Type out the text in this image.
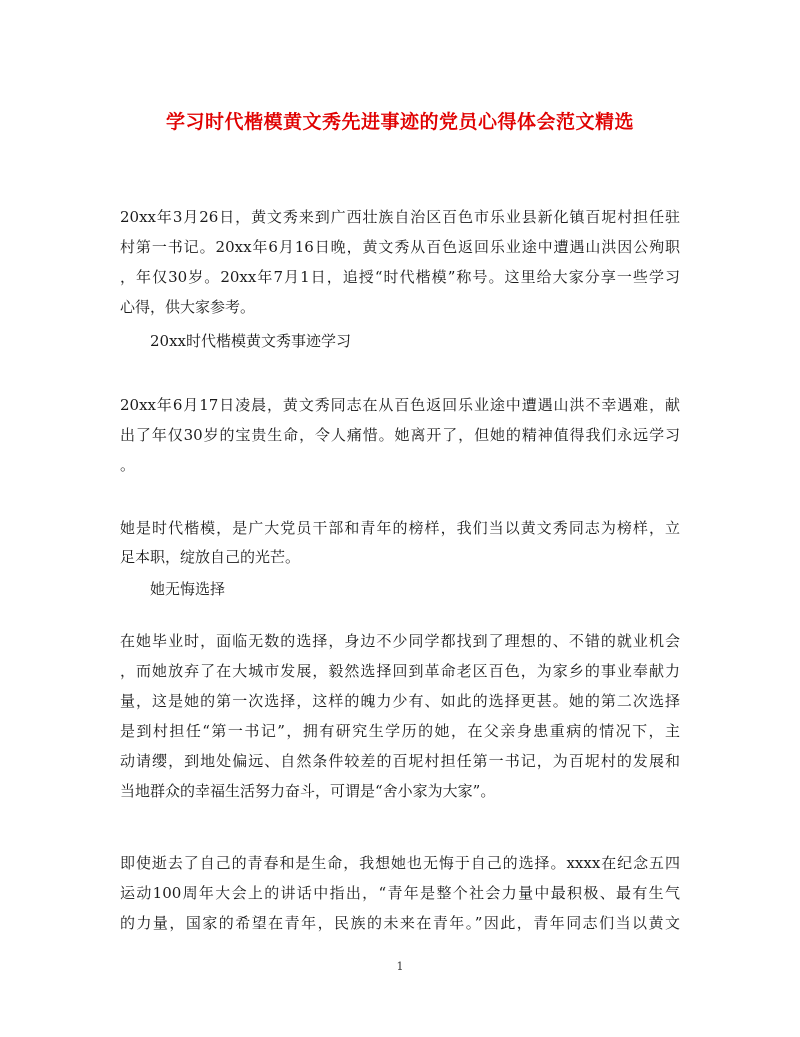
学习时代楷模黄文秀先进事迹的党员心得体会范文精选
20xx年3月26日，黄文秀来到广西壮族自治区百色市乐业县新化镇百坭村担任驻
村第一书记。20xx年6月16日晚，黄文秀从百色返回乐业途中遭遇山洪因公殉职
，年仅30岁。20xx年7月1日，追授“时代楷模”称号。这里给大家分享一些学习
心得，供大家参考。
20xx时代楷模黄文秀事迹学习
20xx年6月17日凌晨，黄文秀同志在从百色返回乐业途中遭遇山洪不幸遇难，献
出了年仅30岁的宝贵生命，令人痛惜。她离开了，但她的精神值得我们永远学习
。
她是时代楷模，是广大党员干部和青年的榜样，我们当以黄文秀同志为榜样，立
足本职，绽放自己的光芒。
她无悔选择
在她毕业时，面临无数的选择，身边不少同学都找到了理想的、不错的就业机会
，而她放弃了在大城市发展，毅然选择回到革命老区百色，为家乡的事业奉献力
量，这是她的第一次选择，这样的魄力少有、如此的选择更甚。她的第二次选择
是到村担任“第一书记”，拥有研究生学历的她，在父亲身患重病的情况下，主
动请缨，到地处偏远、自然条件较差的百坭村担任第一书记，为百坭村的发展和
当地群众的幸福生活努力奋斗，可谓是“舍小家为大家”。
即使逝去了自己的青春和是生命，我想她也无悔于自己的选择。xxxx在纪念五四
运动100周年大会上的讲话中指出，“青年是整个社会力量中最积极、最有生气
的力量，国家的希望在青年，民族的未来在青年。”因此，青年同志们当以黄文
1
